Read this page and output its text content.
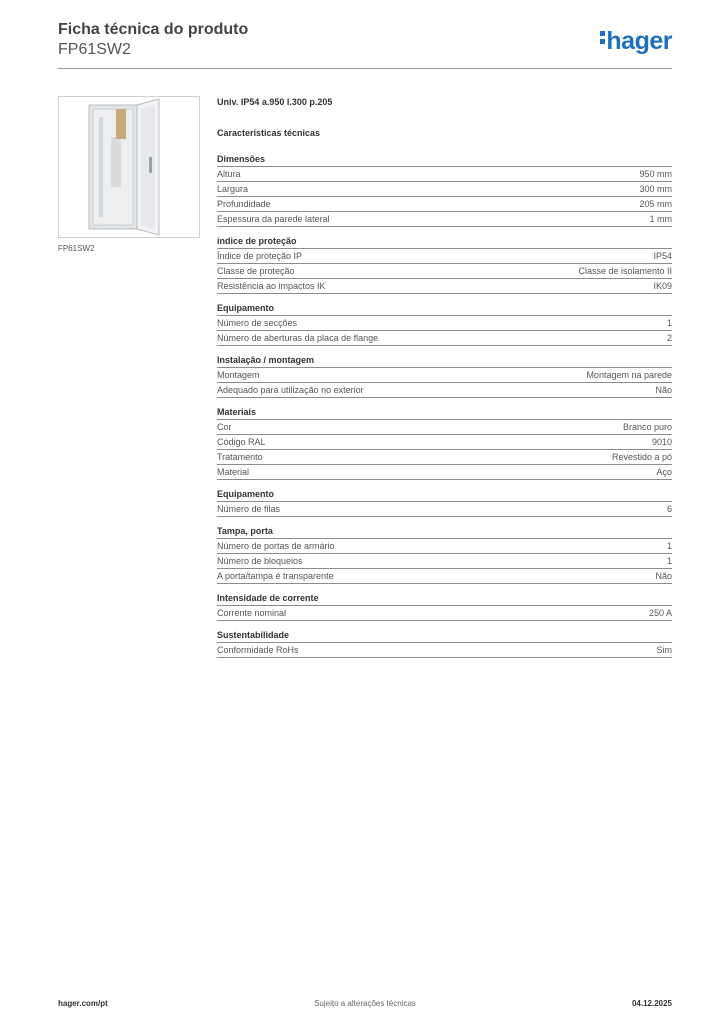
Ficha técnica do produto

FP61SW2	hager
FP61SW2
Univ. IP54 a.950 l.300 p.205
Características técnicas
Dimensões
Altura	950 mm
Largura	300 mm
Profundidade	205 mm
Espessura da parede lateral	1 mm
índice de proteção
Índice de proteção IP	IP54
Classe de proteção	Classe de isolamento II
Resistência ao impactos IK	IK09
Equipamento
Número de secções	1
Número de aberturas da placa de flange	2
Instalação / montagem
Montagem	Montagem na parede
Adequado para utilização no exterior	Não
Materiais
Cor	Branco puro
Código RAL	9010
Tratamento	Revestido a pó
Material	Aço
Equipamento
Número de filas	6
Tampa, porta
Número de portas de armário	1
Número de bloqueios	1
A porta/tampa é transparente	Não
Intensidade de corrente
Corrente nominal	250 A
Sustentabilidade
Conformidade RoHs	Sim
hager.com/pt	Sujeito a alterações técnicas	04.12.2025
